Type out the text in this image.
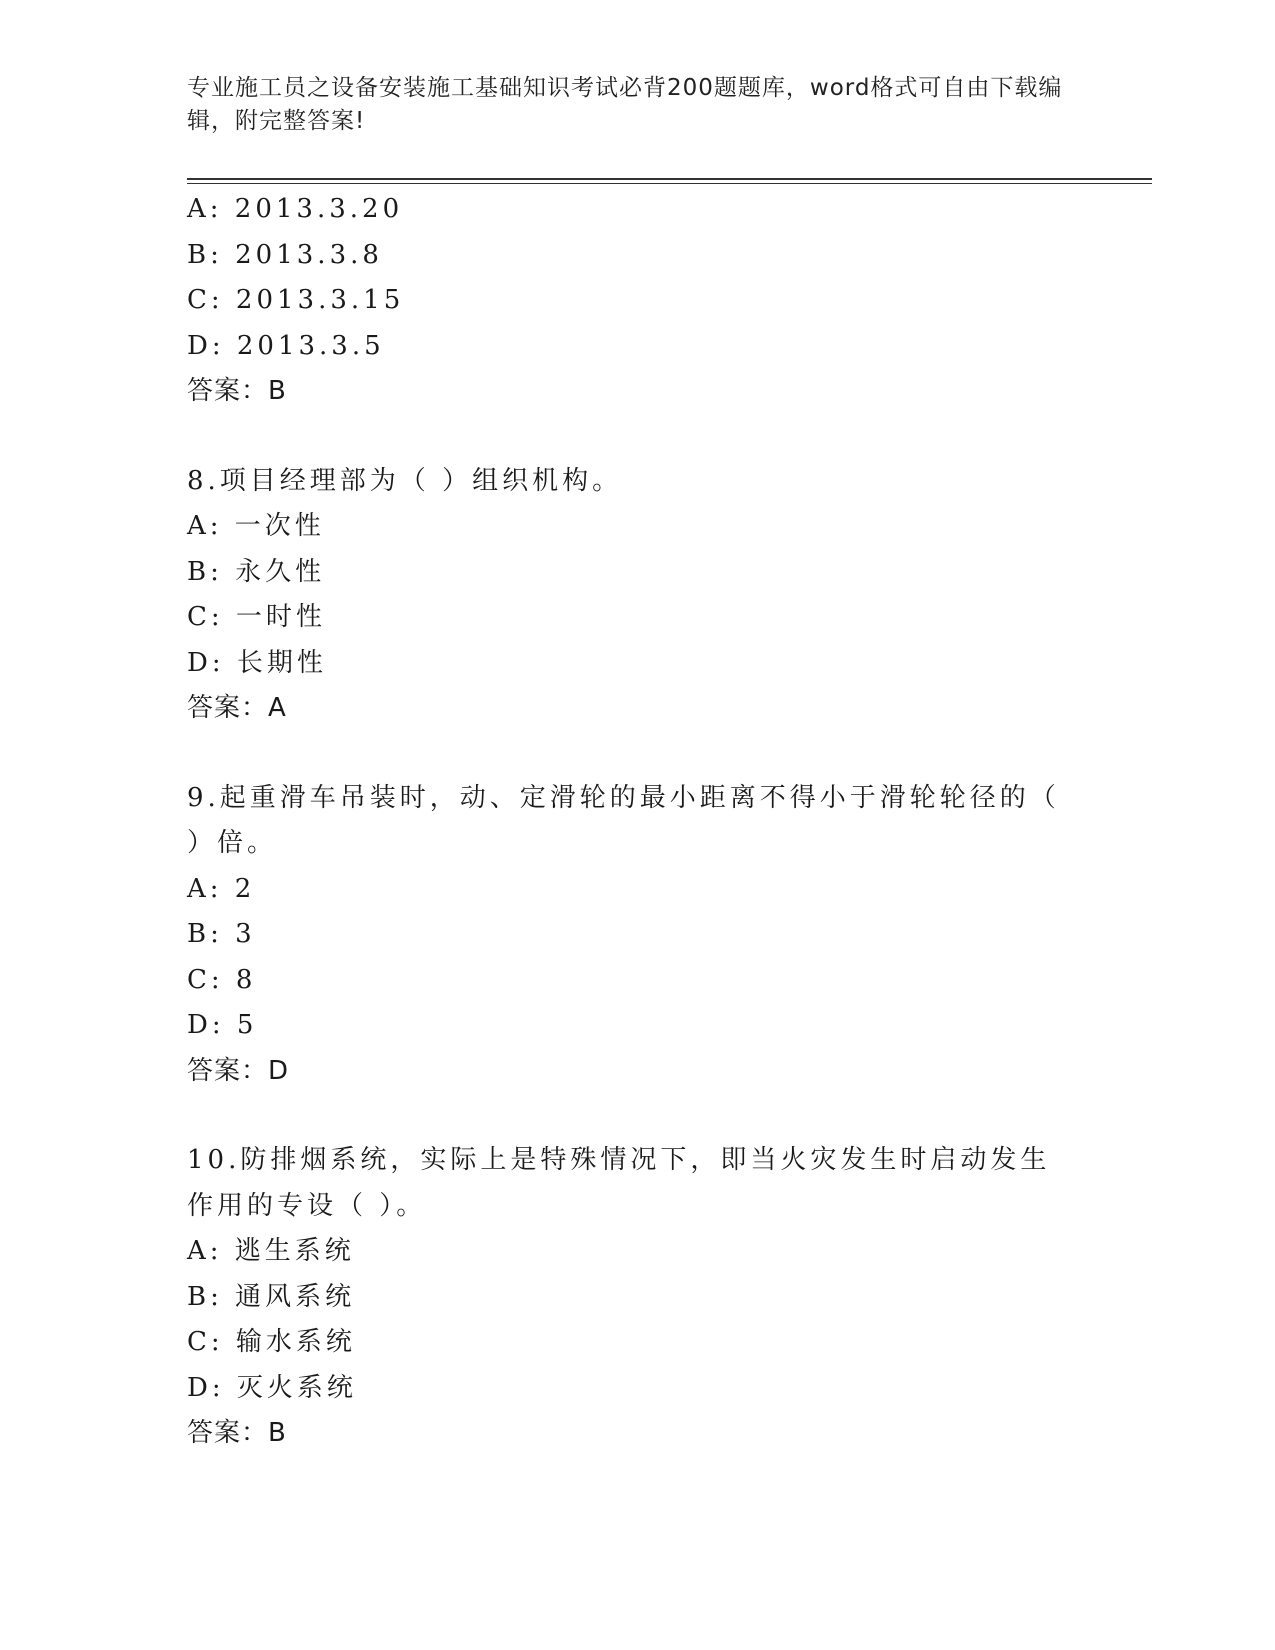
专业施工员之设备安装施工基础知识考试必背200题题库，word格式可自由下载编辑，附完整答案!
A: 2013.3.20
B: 2013.3.8
C: 2013.3.15
D: 2013.3.5
答案：B
8.项目经理部为（ ）组织机构。
A: 一次性
B: 永久性
C: 一时性
D: 长期性
答案：A
9.起重滑车吊装时，动、定滑轮的最小距离不得小于滑轮轮径的（ ）倍。
A: 2
B: 3
C: 8
D: 5
答案：D
10.防排烟系统，实际上是特殊情况下，即当火灾发生时启动发生作用的专设（ ）。
A: 逃生系统
B: 通风系统
C: 输水系统
D: 灭火系统
答案：B
